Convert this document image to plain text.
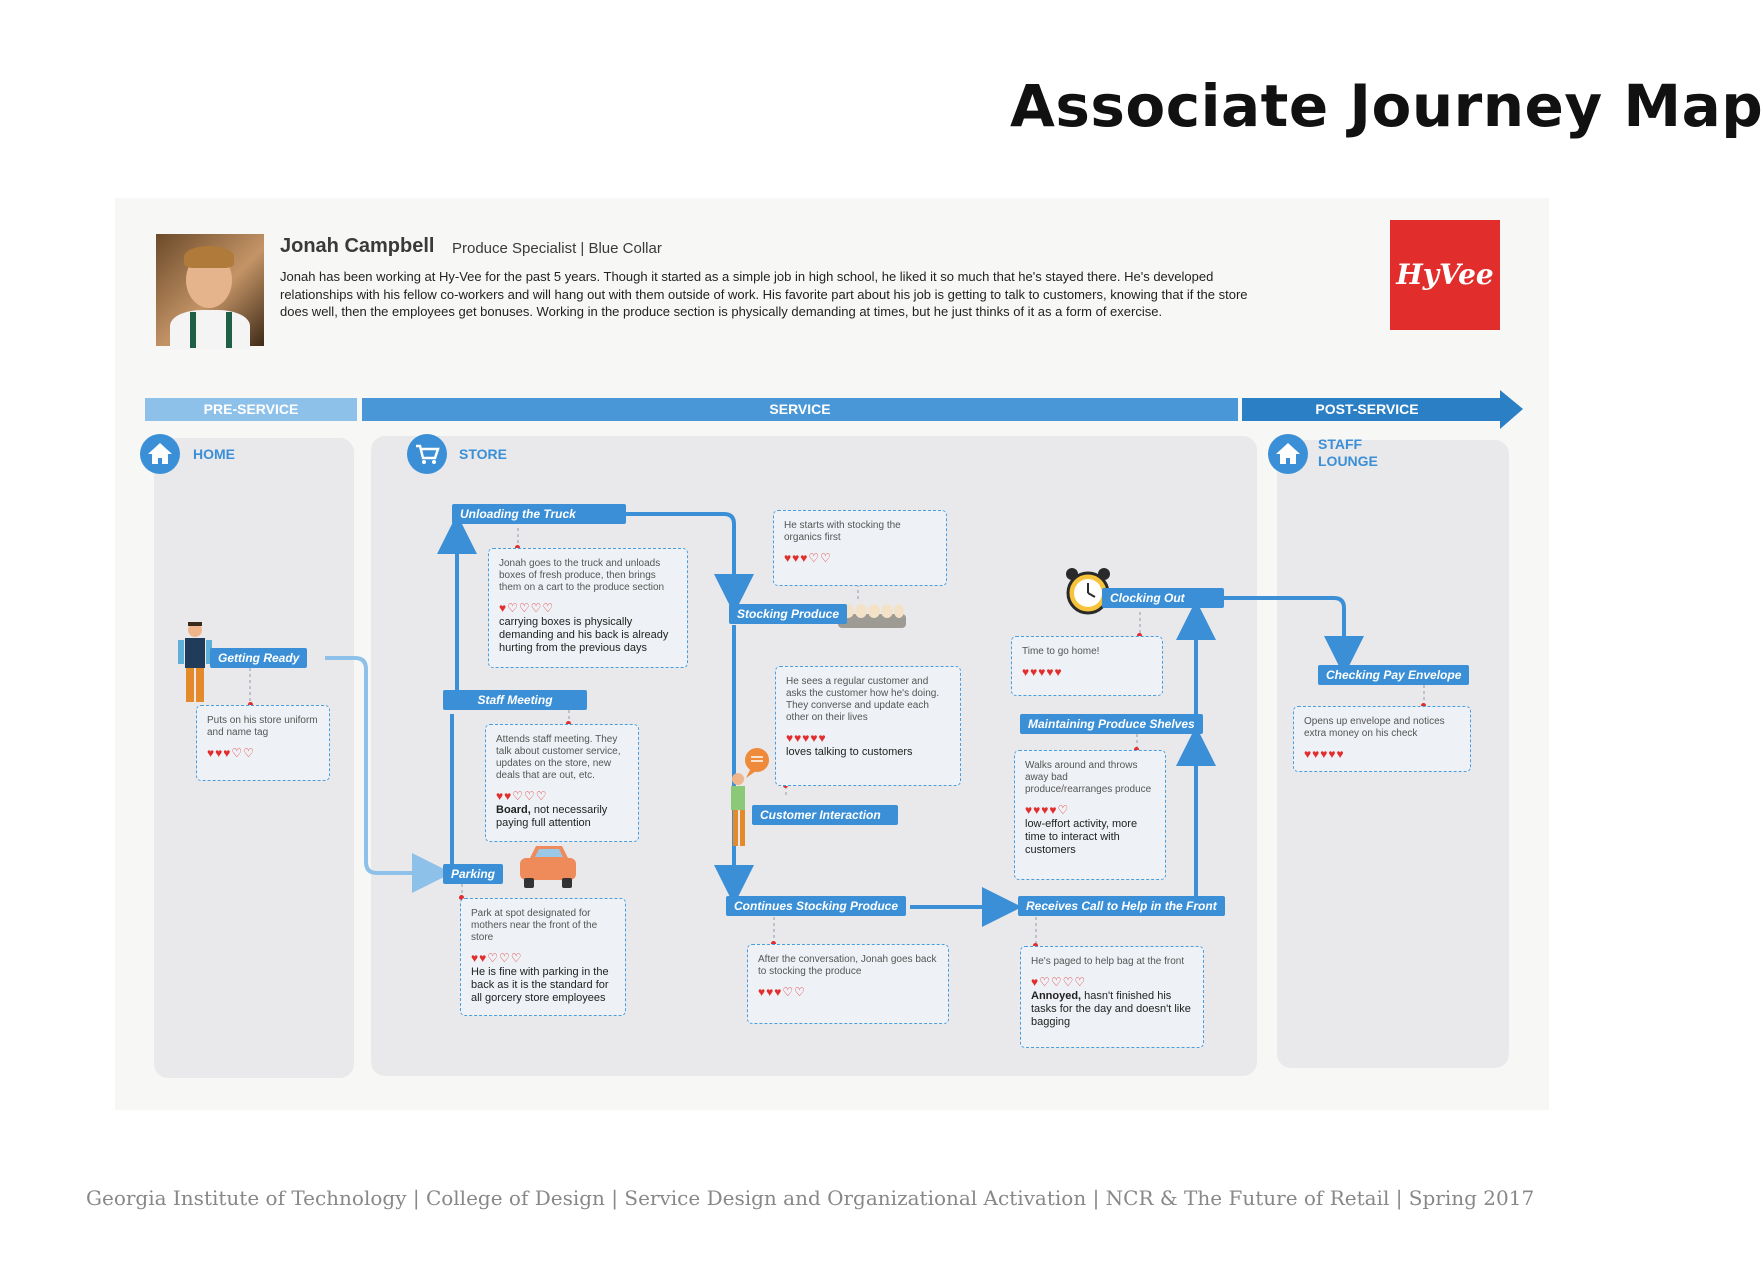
Associate Journey Map
Jonah Campbell Produce Specialist | Blue Collar
Jonah has been working at Hy-Vee for the past 5 years. Though it started as a simple job in high school, he liked it so much that he's stayed there. He's developed relationships with his fellow co-workers and will hang out with them outside of work. His favorite part about his job is getting to talk to customers, knowing that if the store does well, then the employees get bonuses. Working in the produce section is physically demanding at times, but he just thinks of it as a form of exercise.
HyVee
PRE-SERVICE	SERVICE	POST-SERVICE
HOME	STORE
STAFF
LOUNGE
Getting Ready
Puts on his store uniform and name tag
♥♥♥♡♡
Parking
Park at spot designated for mothers near the front of the store
♥♥♡♡♡
He is fine with parking in the back as it is the standard for all gorcery store employees
Staff Meeting
Attends staff meeting. They talk about customer service, updates on the store, new deals that are out, etc.
♥♥♡♡♡
Board, not necessarily paying full attention
Unloading the Truck
Jonah goes to the truck and unloads boxes of fresh produce, then brings them on a cart to the produce section
♥♡♡♡♡
carrying boxes is physically demanding and his back is already hurting from the previous days
Stocking Produce
He starts with stocking the organics first
♥♥♥♡♡
Customer Interaction
He sees a regular customer and asks the customer how he's doing. They converse and update each other on their lives
♥♥♥♥♥
loves talking to customers
Continues Stocking Produce
After the conversation, Jonah goes back to stocking the produce
♥♥♥♡♡
Receives Call to Help in the Front
He's paged to help bag at the front
♥♡♡♡♡
Annoyed, hasn't finished his tasks for the day and doesn't like bagging
Maintaining Produce Shelves
Walks around and throws away bad produce/rearranges produce
♥♥♥♥♡
low-effort activity, more time to interact with customers
Clocking Out
Time to go home!
♥♥♥♥♥	Checking Pay Envelope
Opens up envelope and notices extra money on his check
♥♥♥♥♥
Georgia Institute of Technology | College of Design | Service Design and Organizational Activation | NCR & The Future of Retail | Spring 2017
